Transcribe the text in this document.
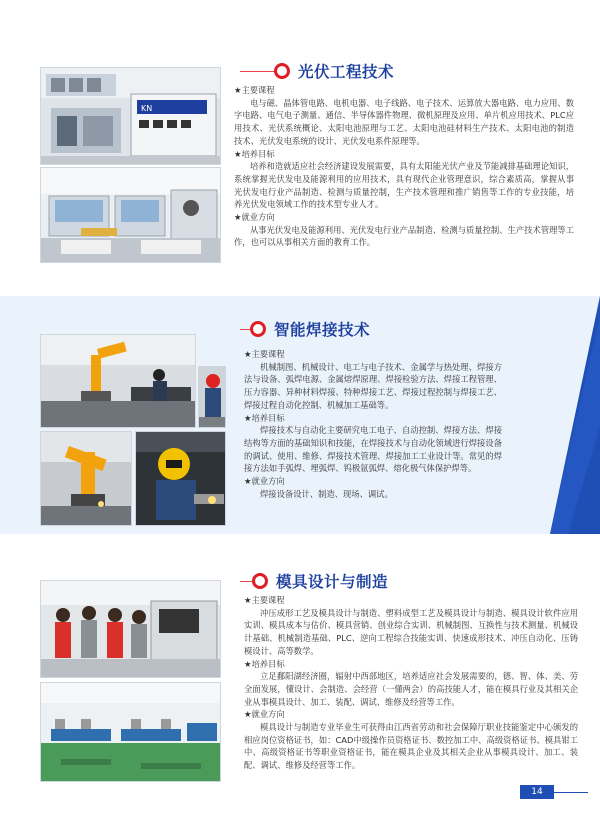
KN
光伏工程技术
★主要课程
电与磁、晶体管电路、电机电器、电子线路、电子技术、运算放大器电路、电力应用、数字电路、电气电子测量、通信、半导体器件物理、微机原理及应用、单片机应用技术、PLC应用技术、光伏系统概论、太阳电池原理与工艺、太阳电池硅材料生产技术、太阳电池的制造技术、光伏发电系统的设计、光伏发电系件原理等。
★培养目标
培养和造就适应社会经济建设发展需要，具有太阳能光伏产业及节能减排基础理论知识，系统掌握光伏发电及能源利用的应用技术，具有现代企业管理意识，综合素质高，掌握从事光伏发电行业产品制造、检测与质量控制，生产技术管理和推广销售等工作的专业技能，培养光伏发电领域工作的技术型专业人才。
★就业方向
从事光伏发电及能源利用、光伏发电行业产品制造、检测与质量控制、生产技术管理等工作，也可以从事相关方面的教育工作。
智能焊接技术
★主要课程
机械制图、机械设计、电工与电子技术、金属学与热处理、焊接方法与设备、弧焊电源、金属熔焊原理、焊接检验方法、焊接工程管理、压力容器、异种材料焊接、特种焊接工艺、焊接过程控制与焊接工艺、焊接过程自动化控制、机械加工基础等。
★培养目标
焊接技术与自动化主要研究电工电子、自动控制、焊接方法、焊接结构等方面的基础知识和技能，在焊接技术与自动化领域进行焊接设备的调试、使用、维修、焊接技术管理、焊接加工工业设计等。常见的焊接方法如手弧焊、埋弧焊、钨极氩弧焊、熔化极气体保护焊等。
★就业方向
焊接设备设计、制造、现场、调试。
模具设计与制造
★主要课程
冲压成形工艺及模具设计与制造、塑料成型工艺及模具设计与制造、模具设计软件应用实训、模具成本与估价、模具营销、创业综合实训、机械制图、互换性与技术测量、机械设计基础、机械制造基础、PLC、逆向工程综合技能实训、快速成形技术、冲压自动化、压铸模设计、高等数学。
★培养目标
立足鄱阳湖经济圈，辐射中西部地区，培养适应社会发展需要的，德、智、体、美、劳全面发展，懂设计、会制造、会经营（一懂两会）的高技能人才，能在模具行业及其相关企业从事模具设计、加工、装配、调试、维修及经营等工作。
★就业方向
模具设计与制造专业毕业生可获得由江西省劳动和社会保障厅职业技能鉴定中心颁发的相应岗位资格证书，如：CAD中级操作员资格证书、数控加工中、高级资格证书、模具钳工中、高级资格证书等职业资格证书，能在模具企业及其相关企业从事模具设计、加工、装配、调试、维修及经营等工作。
14
